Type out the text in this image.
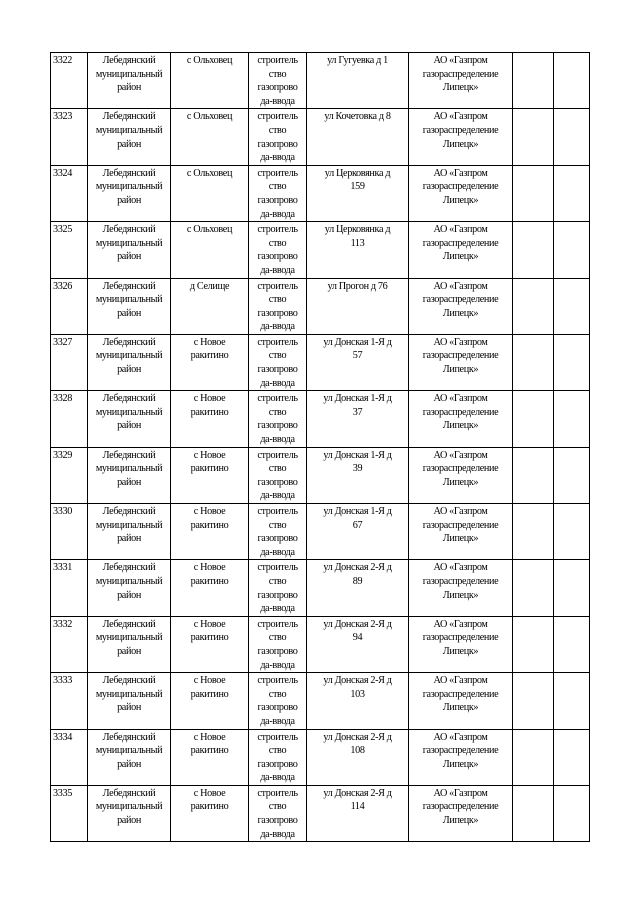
3322	Лебедянский
муниципальный
район	с Ольховец	строитель
ство
газопрово
да-ввода	ул Гугуевка д 1	АО «Газпром
газораспределение
Липецк»		

3323	Лебедянский
муниципальный
район	с Ольховец	строитель
ство
газопрово
да-ввода	ул Кочетовка д 8	АО «Газпром
газораспределение
Липецк»		

3324	Лебедянский
муниципальный
район	с Ольховец	строитель
ство
газопрово
да-ввода	ул Церковянка д
159	АО «Газпром
газораспределение
Липецк»		

3325	Лебедянский
муниципальный
район	с Ольховец	строитель
ство
газопрово
да-ввода	ул Церковянка д
113	АО «Газпром
газораспределение
Липецк»		

3326	Лебедянский
муниципальный
район	д Селище	строитель
ство
газопрово
да-ввода	ул Прогон д 76	АО «Газпром
газораспределение
Липецк»		

3327	Лебедянский
муниципальный
район	с Новое
ракитино	строитель
ство
газопрово
да-ввода	ул Донская 1-Я д
57	АО «Газпром
газораспределение
Липецк»		

3328	Лебедянский
муниципальный
район	с Новое
ракитино	строитель
ство
газопрово
да-ввода	ул Донская 1-Я д
37	АО «Газпром
газораспределение
Липецк»		

3329	Лебедянский
муниципальный
район	с Новое
ракитино	строитель
ство
газопрово
да-ввода	ул Донская 1-Я д
39	АО «Газпром
газораспределение
Липецк»		

3330	Лебедянский
муниципальный
район	с Новое
ракитино	строитель
ство
газопрово
да-ввода	ул Донская 1-Я д
67	АО «Газпром
газораспределение
Липецк»		

3331	Лебедянский
муниципальный
район	с Новое
ракитино	строитель
ство
газопрово
да-ввода	ул Донская 2-Я д
89	АО «Газпром
газораспределение
Липецк»		

3332	Лебедянский
муниципальный
район	с Новое
ракитино	строитель
ство
газопрово
да-ввода	ул Донская 2-Я д
94	АО «Газпром
газораспределение
Липецк»		

3333	Лебедянский
муниципальный
район	с Новое
ракитино	строитель
ство
газопрово
да-ввода	ул Донская 2-Я д
103	АО «Газпром
газораспределение
Липецк»		

3334	Лебедянский
муниципальный
район	с Новое
ракитино	строитель
ство
газопрово
да-ввода	ул Донская 2-Я д
108	АО «Газпром
газораспределение
Липецк»		

3335	Лебедянский
муниципальный
район	с Новое
ракитино	строитель
ство
газопрово
да-ввода	ул Донская 2-Я д
114	АО «Газпром
газораспределение
Липецк»		
